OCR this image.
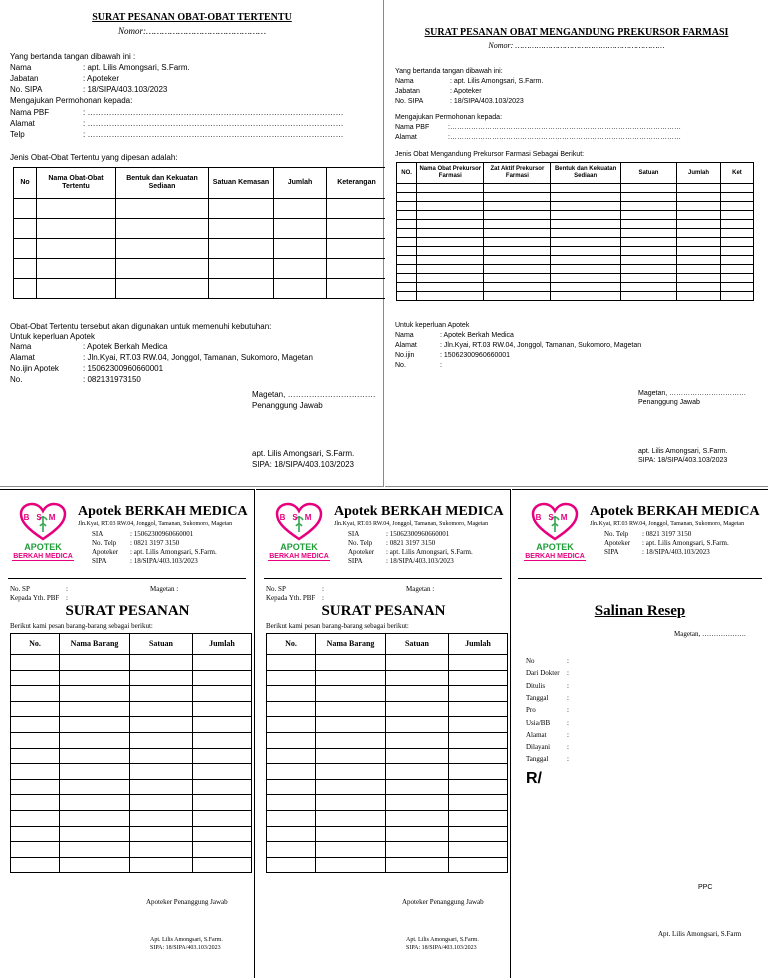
SURAT PESANAN OBAT-OBAT TERTENTU
Nomor:………………………………………
Yang bertanda tangan dibawah ini :
Mengajukan Permohonan kepada:
Jenis Obat-Obat Tertentu yang dipesan adalah:
No	Nama Obat-Obat Tertentu	Bentuk dan Kekuatan Sediaan	Satuan Kemasan	Jumlah	Keterangan

Obat-Obat Tertentu tersebut akan digunakan untuk memenuhi kebutuhan:
Untuk keperluan Apotek
Magetan, ……………………………
Penanggung Jawab
apt. Lilis Amongsari, S.Farm.
SIPA: 18/SIPA/403.103/2023
Nama	: apt. Lilis Amongsari, S.Farm.
Jabatan	: Apoteker
No. SIPA	: 18/SIPA/403.103/2023
Nama PBF	: ……………………………………………………………………………………
Alamat	: ……………………………………………………………………………………
Telp	: ……………………………………………………………………………………
Nama	: Apotek Berkah Medica
Alamat	: Jln.Kyai, RT.03 RW.04, Jonggol, Tamanan, Sukomoro, Magetan
No.ijin Apotek	: 15062300960660001
No.	: 082131973150
SURAT PESANAN OBAT MENGANDUNG PREKURSOR FARMASI
Nomor: ………………………………………………………
Yang bertanda tangan dibawah ini:
Mengajukan Permohonan kepada:
Jenis Obat Mengandung Prekursor Farmasi Sebagai Berikut:
NO.	Nama Obat Prekursor Farmasi	Zat Aktif Prekursor Farmasi	Bentuk dan Kekuatan Sediaan	Satuan	Jumlah	Ket

Untuk keperluan Apotek
Magetan, ……………………………
Penanggung Jawab
apt. Lilis Amongsari, S.Farm.
SIPA: 18/SIPA/403.103/2023
Nama	: apt. Lilis Amongsari, S.Farm.
Jabatan	: Apoteker
No. SIPA	: 18/SIPA/403.103/2023
Nama PBF	:………………………………………………………………………………………
Alamat	:………………………………………………………………………………………
Nama	: Apotek Berkah Medica
Alamat	: Jln.Kyai, RT.03 RW.04, Jonggol, Tamanan, Sukomoro, Magetan
No.ijin	: 15062300960660001
No.	:
BSM
APOTEK
BERKAH MEDICA
Apotek BERKAH MEDICA
Jln.Kyai, RT.03 RW.04, Jonggol, Tamanan, Sukomoro, Magetan
SIA	: 15062300960660001
No. Telp : 0821 3197 3150
Apoteker : apt. Lilis Amongsari, S.Farm.
SIPA	: 18/SIPA/403.103/2023
No. SP	:	Magetan :
Kepada Yth. PBF :
SURAT PESANAN
Berikut kami pesan barang-barang sebagai berikut:
No.	Nama Barang	Satuan	Jumlah

Apoteker Penanggung Jawab
Apt. Lilis Amongsari, S.Farm.
SIPA: 18/SIPA/403.103/2023
BSM
APOTEK
BERKAH MEDICA
Apotek BERKAH MEDICA
Jln.Kyai, RT.03 RW.04, Jonggol, Tamanan, Sukomoro, Magetan
SIA	: 15062300960660001
No. Telp : 0821 3197 3150
Apoteker : apt. Lilis Amongsari, S.Farm.
SIPA	: 18/SIPA/403.103/2023
No. SP	:	Magetan :
Kepada Yth. PBF :
SURAT PESANAN
Berikut kami pesan barang-barang sebagai berikut:
No.	Nama Barang	Satuan	Jumlah

Apoteker Penanggung Jawab
Apt. Lilis Amongsari, S.Farm.
SIPA: 18/SIPA/403.103/2023
BSM
APOTEK
BERKAH MEDICA
Apotek BERKAH MEDICA
Jln.Kyai, RT.03 RW.04, Jonggol, Tamanan, Sukomoro, Magetan
No. Telp : 0821 3197 3150
Apoteker : apt. Lilis Amongsari, S.Farm.
SIPA	: 18/SIPA/403.103/2023
Salinan Resep
Magetan, ……………….
No	:
Dari Dokter :
Ditulis	:
Tanggal	:
Pro	:
Usia/BB :
Alamat	:
Dilayani :
Tanggal	:
R/
PPC
Apt. Lilis Amongsari, S.Farm
